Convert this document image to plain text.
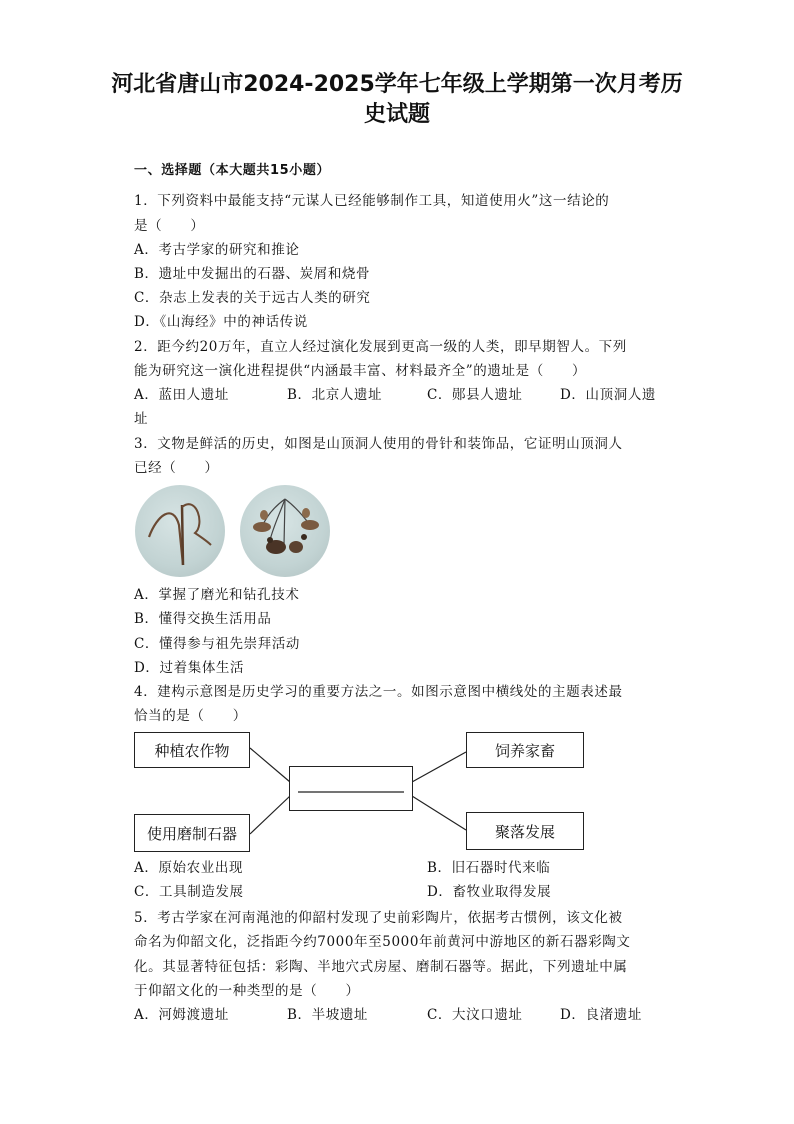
河北省唐山市2024-2025学年七年级上学期第一次月考历
史试题
一、选择题（本大题共15小题）
1．下列资料中最能支持“元谋人已经能够制作工具，知道使用火”这一结论的
是（　　）
A．考古学家的研究和推论
B．遗址中发掘出的石器、炭屑和烧骨
C．杂志上发表的关于远古人类的研究
D．《山海经》中的神话传说
2．距今约20万年，直立人经过演化发展到更高一级的人类，即早期智人。下列
能为研究这一演化进程提供“内涵最丰富、材料最齐全”的遗址是（　　）
A．蓝田人遗址	B．北京人遗址	C．郧县人遗址	D．山顶洞人遗
址
3．文物是鲜活的历史，如图是山顶洞人使用的骨针和装饰品，它证明山顶洞人
已经（　　）
A．掌握了磨光和钻孔技术
B．懂得交换生活用品
C．懂得参与祖先崇拜活动
D．过着集体生活
4．建构示意图是历史学习的重要方法之一。如图示意图中横线处的主题表述最
恰当的是（　　）
种植农作物	饲养家畜
使用磨制石器	聚落发展
A．原始农业出现	B．旧石器时代来临
C．工具制造发展	D．畜牧业取得发展
5．考古学家在河南渑池的仰韶村发现了史前彩陶片，依据考古惯例，该文化被
命名为仰韶文化，泛指距今约7000年至5000年前黄河中游地区的新石器彩陶文
化。其显著特征包括：彩陶、半地穴式房屋、磨制石器等。据此，下列遗址中属
于仰韶文化的一种类型的是（　　）
A．河姆渡遗址	B．半坡遗址	C．大汶口遗址	D．良渚遗址
